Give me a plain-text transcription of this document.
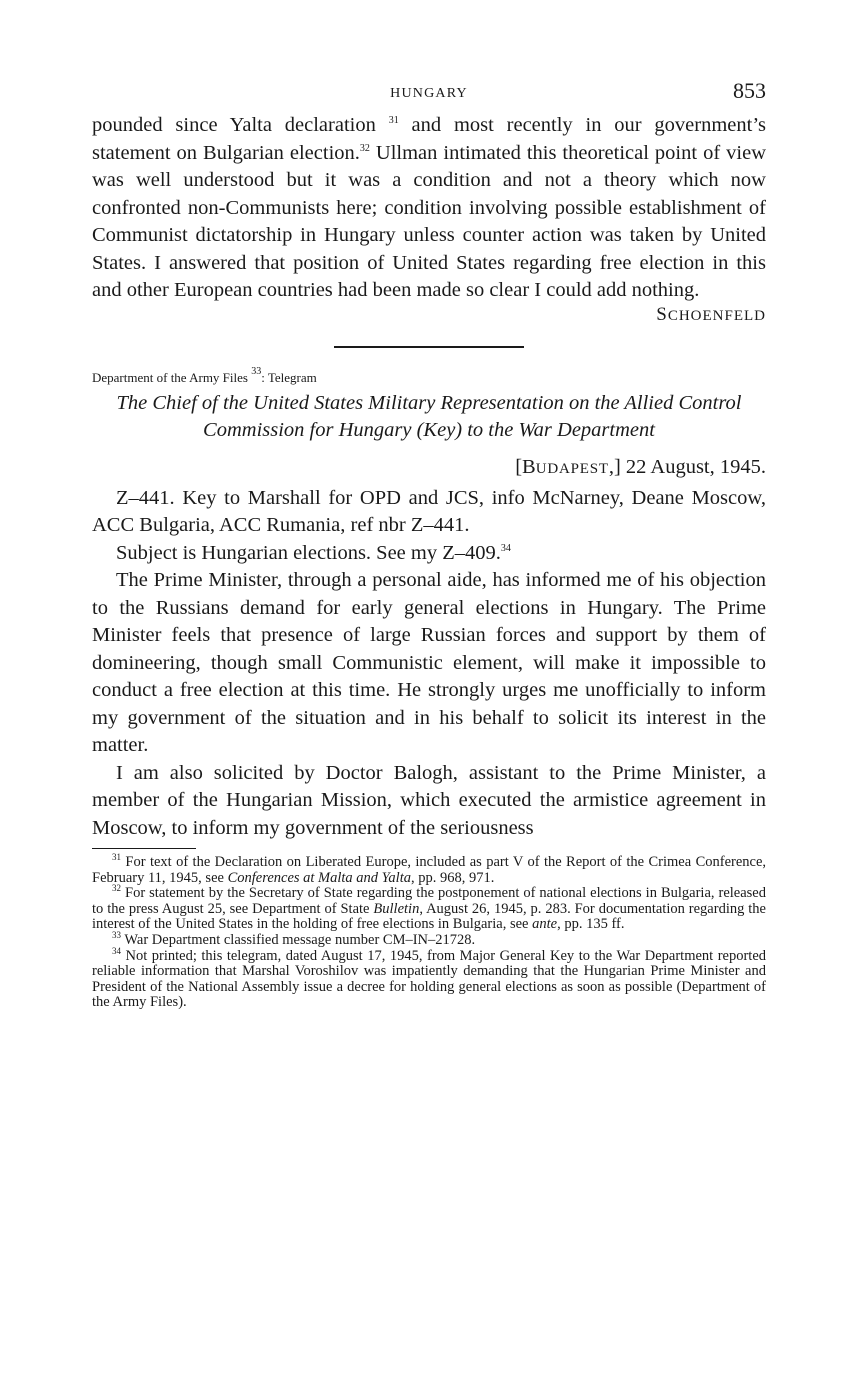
HUNGARY	853

pounded since Yalta declaration $^{31}$ and most recently in our government’s statement on Bulgarian election.$^{32}$ Ullman intimated this theoretical point of view was well understood but it was a condition and not a theory which now confronted non-Communists here; condition involving possible establishment of Communist dictatorship in Hungary unless counter action was taken by United States. I answered that position of United States regarding free election in this and other European countries had been made so clear I could add nothing.

SCHOENFELD
Department of the Army Files $^{33}$: Telegram
The Chief of the United States Military Representation on the Allied Control Commission for Hungary (Key) to the War Department
[BUDAPEST,] 22 August, 1945.

Z–441. Key to Marshall for OPD and JCS, info McNarney, Deane Moscow, ACC Bulgaria, ACC Rumania, ref nbr Z–441.

Subject is Hungarian elections. See my Z–409.34

The Prime Minister, through a personal aide, has informed me of his objection to the Russians demand for early general elections in Hungary. The Prime Minister feels that presence of large Russian forces and support by them of domineering, though small Communistic element, will make it impossible to conduct a free election at this time. He strongly urges me unofficially to inform my government of the situation and in his behalf to solicit its interest in the matter.

I am also solicited by Doctor Balogh, assistant to the Prime Minister, a member of the Hungarian Mission, which executed the armistice agreement in Moscow, to inform my government of the seriousness

$^{31}$ For text of the Declaration on Liberated Europe, included as part V of the Report of the Crimea Conference, February 11, 1945, see Conferences at Malta and Yalta, pp. 968, 971.

$^{32}$ For statement by the Secretary of State regarding the postponement of national elections in Bulgaria, released to the press August 25, see Department of State Bulletin, August 26, 1945, p. 283. For documentation regarding the interest of the United States in the holding of free elections in Bulgaria, see ante, pp. 135 ff.

$^{33}$ War Department classified message number CM–IN–21728.

$^{34}$ Not printed; this telegram, dated August 17, 1945, from Major General Key to the War Department reported reliable information that Marshal Voroshilov was impatiently demanding that the Hungarian Prime Minister and President of the National Assembly issue a decree for holding general elections as soon as possible (Department of the Army Files).
